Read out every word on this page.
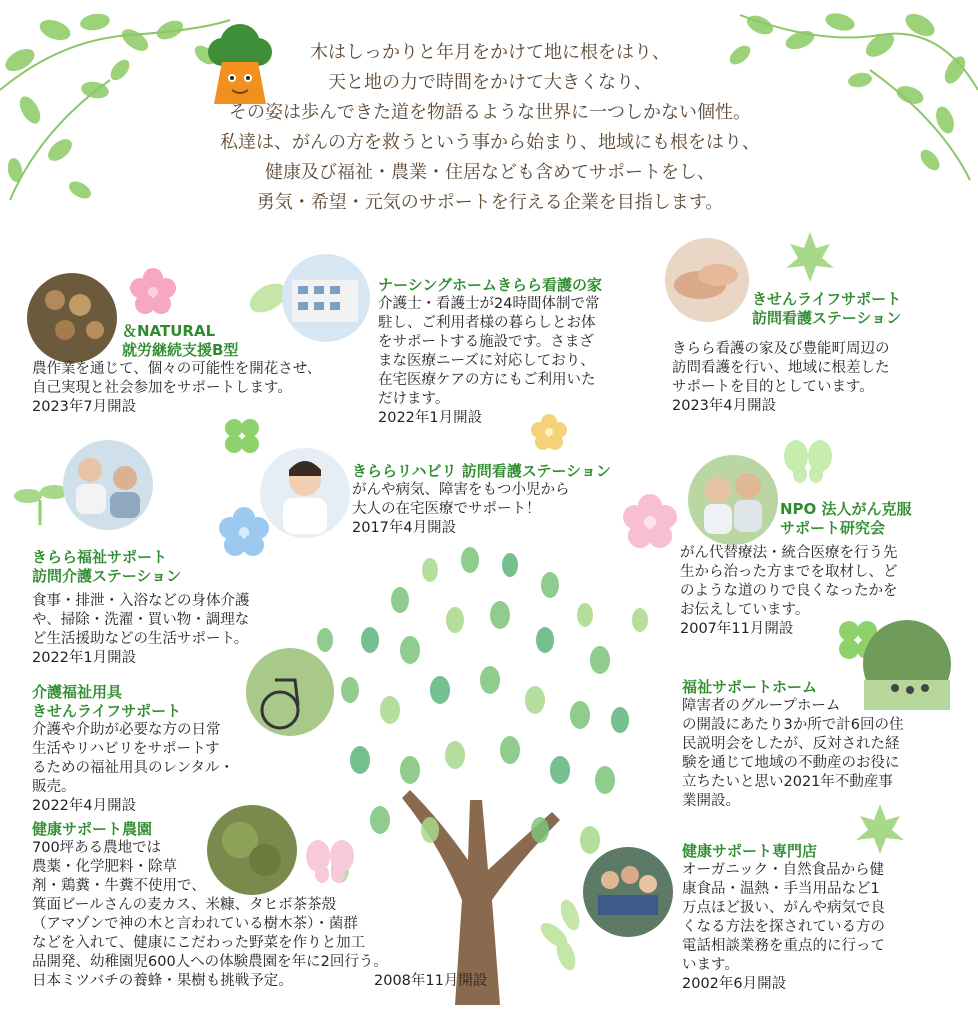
木はしっかりと年月をかけて地に根をはり、
天と地の力で時間をかけて大きくなり、
その姿は歩んできた道を物語るような世界に一つしかない個性。
私達は、がんの方を救うという事から始まり、地域にも根をはり、
健康及び福祉・農業・住居なども含めてサポートをし、
勇気・希望・元気のサポートを行える企業を目指します。
＆NATURAL
就労継続支援B型
農作業を通じて、個々の可能性を開花させ、
自己実現と社会参加をサポートします。
2023年7月開設
ナーシングホームきらら看護の家
介護士・看護士が24時間体制で常
駐し、ご利用者様の暮らしとお体
をサポートする施設です。さまざ
まな医療ニーズに対応しており、
在宅医療ケアの方にもご利用いた
だけます。
2022年1月開設
きせんライフサポート
訪問看護ステーション
きらら看護の家及び豊能町周辺の
訪問看護を行い、地域に根差した
サポートを目的としています。
2023年4月開設
きららリハビリ 訪問看護ステーション
がんや病気、障害をもつ小児から
大人の在宅医療でサポート！
2017年4月開設
きらら福祉サポート
訪問介護ステーション
食事・排泄・入浴などの身体介護
や、掃除・洗濯・買い物・調理な
ど生活援助などの生活サポート。
2022年1月開設
NPO 法人がん克服
サポート研究会
がん代替療法・統合医療を行う先
生から治った方までを取材し、ど
のような道のりで良くなったかを
お伝えしています。
2007年11月開設
介護福祉用具
きせんライフサポート
介護や介助が必要な方の日常
生活やリハビリをサポートす
るための福祉用具のレンタル・
販売。
2022年4月開設
福祉サポートホーム
障害者のグループホーム
の開設にあたり3か所で計6回の住
民説明会をしたが、反対された経
験を通じて地域の不動産のお役に
立ちたいと思い2021年不動産事
業開設。
健康サポート農園
700坪ある農地では
農薬・化学肥料・除草
剤・鶏糞・牛糞不使用で、
箕面ビールさんの麦カス、米糠、タヒボ茶茶殻
（アマゾンで神の木と言われている樹木茶）・菌群
などを入れて、健康にこだわった野菜を作りと加工
品開発、幼稚園児600人への体験農園を年に2回行う。
日本ミツバチの養蜂・果樹も挑戦予定。	2008年11月開設
健康サポート専門店
オーガニック・自然食品から健
康食品・温熱・手当用品など1
万点ほど扱い、がんや病気で良
くなる方法を探されている方の
電話相談業務を重点的に行って
います。
2002年6月開設
